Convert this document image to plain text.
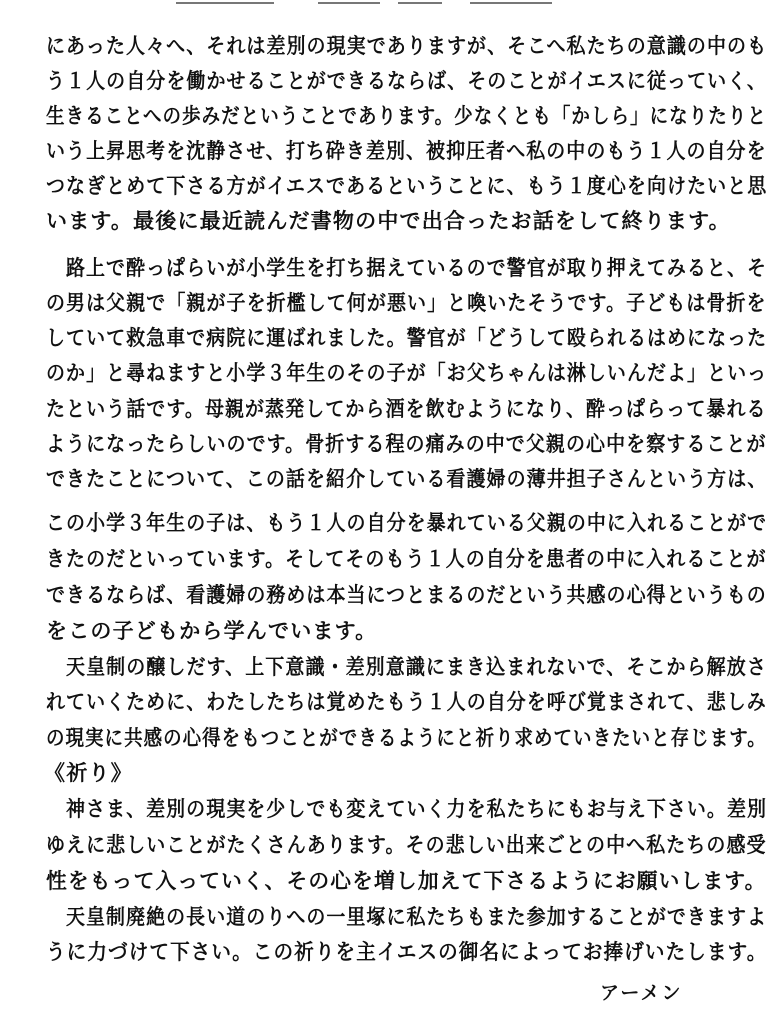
にあった人々へ、それは差別の現実でありますが、そこへ私たちの意識の中のも
う１人の自分を働かせることができるならば、そのことがイエスに従っていく、
生きることへの歩みだということであります。少なくとも「かしら」になりたりと
いう上昇思考を沈静させ、打ち砕き差別、被抑圧者へ私の中のもう１人の自分を
つなぎとめて下さる方がイエスであるということに、もう１度心を向けたいと思
います。最後に最近読んだ書物の中で出合ったお話をして終ります。
路上で酔っぱらいが小学生を打ち据えているので警官が取り押えてみると、そ
の男は父親で「親が子を折檻して何が悪い」と喚いたそうです。子どもは骨折を
していて救急車で病院に運ばれました。警官が「どうして殴られるはめになった
のか」と尋ねますと小学３年生のその子が「お父ちゃんは淋しいんだよ」といっ
たという話です。母親が蒸発してから酒を飲むようになり、酔っぱらって暴れる
ようになったらしいのです。骨折する程の痛みの中で父親の心中を察することが
できたことについて、この話を紹介している看護婦の薄井担子さんという方は、
この小学３年生の子は、もう１人の自分を暴れている父親の中に入れることがで
きたのだといっています。そしてそのもう１人の自分を患者の中に入れることが
できるならば、看護婦の務めは本当につとまるのだという共感の心得というもの
をこの子どもから学んでいます。
天皇制の醸しだす、上下意識・差別意識にまき込まれないで、そこから解放さ
れていくために、わたしたちは覚めたもう１人の自分を呼び覚まされて、悲しみ
の現実に共感の心得をもつことができるようにと祈り求めていきたいと存じます。
《祈り》
神さま、差別の現実を少しでも変えていく力を私たちにもお与え下さい。差別
ゆえに悲しいことがたくさんあります。その悲しい出来ごとの中へ私たちの感受
性をもって入っていく、その心を増し加えて下さるようにお願いします。
天皇制廃絶の長い道のりへの一里塚に私たちもまた参加することができますよ
うに力づけて下さい。この祈りを主イエスの御名によってお捧げいたします。
アーメン
